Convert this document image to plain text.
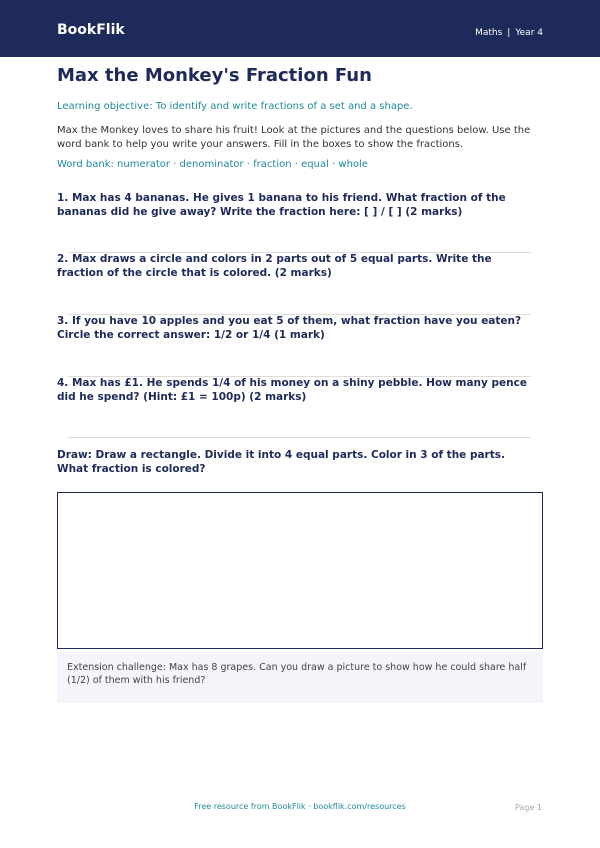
BookFlik	Maths | Year 4
Max the Monkey's Fraction Fun
Learning objective: To identify and write fractions of a set and a shape.
Max the Monkey loves to share his fruit! Look at the pictures and the questions below. Use the word bank to help you write your answers. Fill in the boxes to show the fractions.
Word bank: numerator · denominator · fraction · equal · whole
1. Max has 4 bananas. He gives 1 banana to his friend. What fraction of the bananas did he give away? Write the fraction here: [ ] / [ ] (2 marks)
2. Max draws a circle and colors in 2 parts out of 5 equal parts. Write the fraction of the circle that is colored. (2 marks)
3. If you have 10 apples and you eat 5 of them, what fraction have you eaten? Circle the correct answer: 1/2 or 1/4 (1 mark)
4. Max has £1. He spends 1/4 of his money on a shiny pebble. How many pence did he spend? (Hint: £1 = 100p) (2 marks)
Draw: Draw a rectangle. Divide it into 4 equal parts. Color in 3 of the parts. What fraction is colored?
Extension challenge: Max has 8 grapes. Can you draw a picture to show how he could share half (1/2) of them with his friend?
Free resource from BookFlik · bookflik.com/resources	Page 1
